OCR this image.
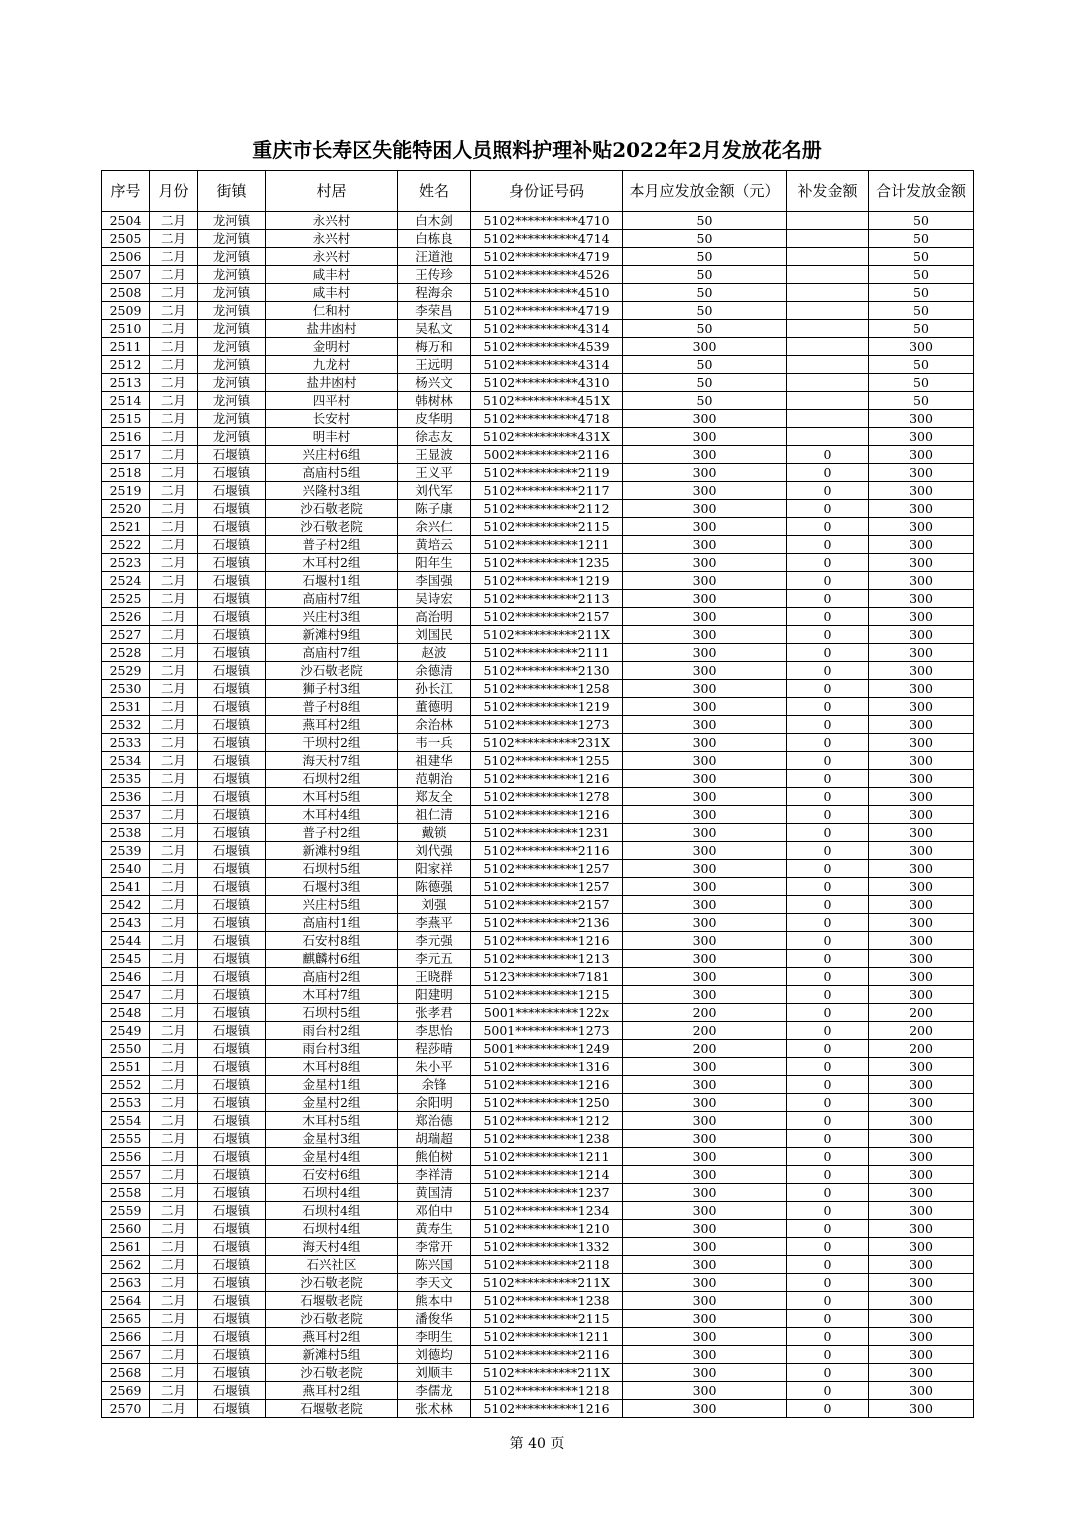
重庆市长寿区失能特困人员照料护理补贴2022年2月发放花名册
序号	月份	街镇	村居	姓名	身份证号码	本月应发放金额（元）	补发金额	合计发放金额
2504	二月	龙河镇	永兴村	白木剑	5102**********4710	50		50
2505	二月	龙河镇	永兴村	白栋良	5102**********4714	50		50
2506	二月	龙河镇	永兴村	汪道池	5102**********4719	50		50
2507	二月	龙河镇	咸丰村	王传珍	5102**********4526	50		50
2508	二月	龙河镇	咸丰村	程海余	5102**********4510	50		50
2509	二月	龙河镇	仁和村	李荣昌	5102**********4719	50		50
2510	二月	龙河镇	盐井凼村	吴私文	5102**********4314	50		50
2511	二月	龙河镇	金明村	梅万和	5102**********4539	300		300
2512	二月	龙河镇	九龙村	王远明	5102**********4314	50		50
2513	二月	龙河镇	盐井凼村	杨兴文	5102**********4310	50		50
2514	二月	龙河镇	四平村	韩树林	5102**********451X	50		50
2515	二月	龙河镇	长安村	皮华明	5102**********4718	300		300
2516	二月	龙河镇	明丰村	徐志友	5102**********431X	300		300
2517	二月	石堰镇	兴庄村6组	王显波	5002**********2116	300	0	300
2518	二月	石堰镇	高庙村5组	王义平	5102**********2119	300	0	300
2519	二月	石堰镇	兴隆村3组	刘代军	5102**********2117	300	0	300
2520	二月	石堰镇	沙石敬老院	陈子康	5102**********2112	300	0	300
2521	二月	石堰镇	沙石敬老院	余兴仁	5102**********2115	300	0	300
2522	二月	石堰镇	普子村2组	黄培云	5102**********1211	300	0	300
2523	二月	石堰镇	木耳村2组	阳年生	5102**********1235	300	0	300
2524	二月	石堰镇	石堰村1组	李国强	5102**********1219	300	0	300
2525	二月	石堰镇	高庙村7组	吴诗宏	5102**********2113	300	0	300
2526	二月	石堰镇	兴庄村3组	高治明	5102**********2157	300	0	300
2527	二月	石堰镇	新滩村9组	刘国民	5102**********211X	300	0	300
2528	二月	石堰镇	高庙村7组	赵波	5102**********2111	300	0	300
2529	二月	石堰镇	沙石敬老院	余德清	5102**********2130	300	0	300
2530	二月	石堰镇	狮子村3组	孙长江	5102**********1258	300	0	300
2531	二月	石堰镇	普子村8组	董德明	5102**********1219	300	0	300
2532	二月	石堰镇	燕耳村2组	余治林	5102**********1273	300	0	300
2533	二月	石堰镇	干坝村2组	韦一兵	5102**********231X	300	0	300
2534	二月	石堰镇	海天村7组	祖建华	5102**********1255	300	0	300
2535	二月	石堰镇	石坝村2组	范朝治	5102**********1216	300	0	300
2536	二月	石堰镇	木耳村5组	郑友全	5102**********1278	300	0	300
2537	二月	石堰镇	木耳村4组	祖仁清	5102**********1216	300	0	300
2538	二月	石堰镇	普子村2组	戴锁	5102**********1231	300	0	300
2539	二月	石堰镇	新滩村9组	刘代强	5102**********2116	300	0	300
2540	二月	石堰镇	石坝村5组	阳家祥	5102**********1257	300	0	300
2541	二月	石堰镇	石堰村3组	陈德强	5102**********1257	300	0	300
2542	二月	石堰镇	兴庄村5组	刘强	5102**********2157	300	0	300
2543	二月	石堰镇	高庙村1组	李燕平	5102**********2136	300	0	300
2544	二月	石堰镇	石安村8组	李元强	5102**********1216	300	0	300
2545	二月	石堰镇	麒麟村6组	李元五	5102**********1213	300	0	300
2546	二月	石堰镇	高庙村2组	王晓群	5123**********7181	300	0	300
2547	二月	石堰镇	木耳村7组	阳建明	5102**********1215	300	0	300
2548	二月	石堰镇	石坝村5组	张孝君	5001**********122x	200	0	200
2549	二月	石堰镇	雨台村2组	李思怡	5001**********1273	200	0	200
2550	二月	石堰镇	雨台村3组	程莎晴	5001**********1249	200	0	200
2551	二月	石堰镇	木耳村8组	朱小平	5102**********1316	300	0	300
2552	二月	石堰镇	金星村1组	余锋	5102**********1216	300	0	300
2553	二月	石堰镇	金星村2组	余阳明	5102**********1250	300	0	300
2554	二月	石堰镇	木耳村5组	郑治德	5102**********1212	300	0	300
2555	二月	石堰镇	金星村3组	胡瑞超	5102**********1238	300	0	300
2556	二月	石堰镇	金星村4组	熊伯树	5102**********1211	300	0	300
2557	二月	石堰镇	石安村6组	李祥清	5102**********1214	300	0	300
2558	二月	石堰镇	石坝村4组	黄国清	5102**********1237	300	0	300
2559	二月	石堰镇	石坝村4组	邓伯中	5102**********1234	300	0	300
2560	二月	石堰镇	石坝村4组	黄寿生	5102**********1210	300	0	300
2561	二月	石堰镇	海天村4组	李常开	5102**********1332	300	0	300
2562	二月	石堰镇	石兴社区	陈兴国	5102**********2118	300	0	300
2563	二月	石堰镇	沙石敬老院	李天文	5102**********211X	300	0	300
2564	二月	石堰镇	石堰敬老院	熊本中	5102**********1238	300	0	300
2565	二月	石堰镇	沙石敬老院	潘俊华	5102**********2115	300	0	300
2566	二月	石堰镇	燕耳村2组	李明生	5102**********1211	300	0	300
2567	二月	石堰镇	新滩村5组	刘德均	5102**********2116	300	0	300
2568	二月	石堰镇	沙石敬老院	刘顺丰	5102**********211X	300	0	300
2569	二月	石堰镇	燕耳村2组	李儒龙	5102**********1218	300	0	300
2570	二月	石堰镇	石堰敬老院	张术林	5102**********1216	300	0	300
第 40 页
